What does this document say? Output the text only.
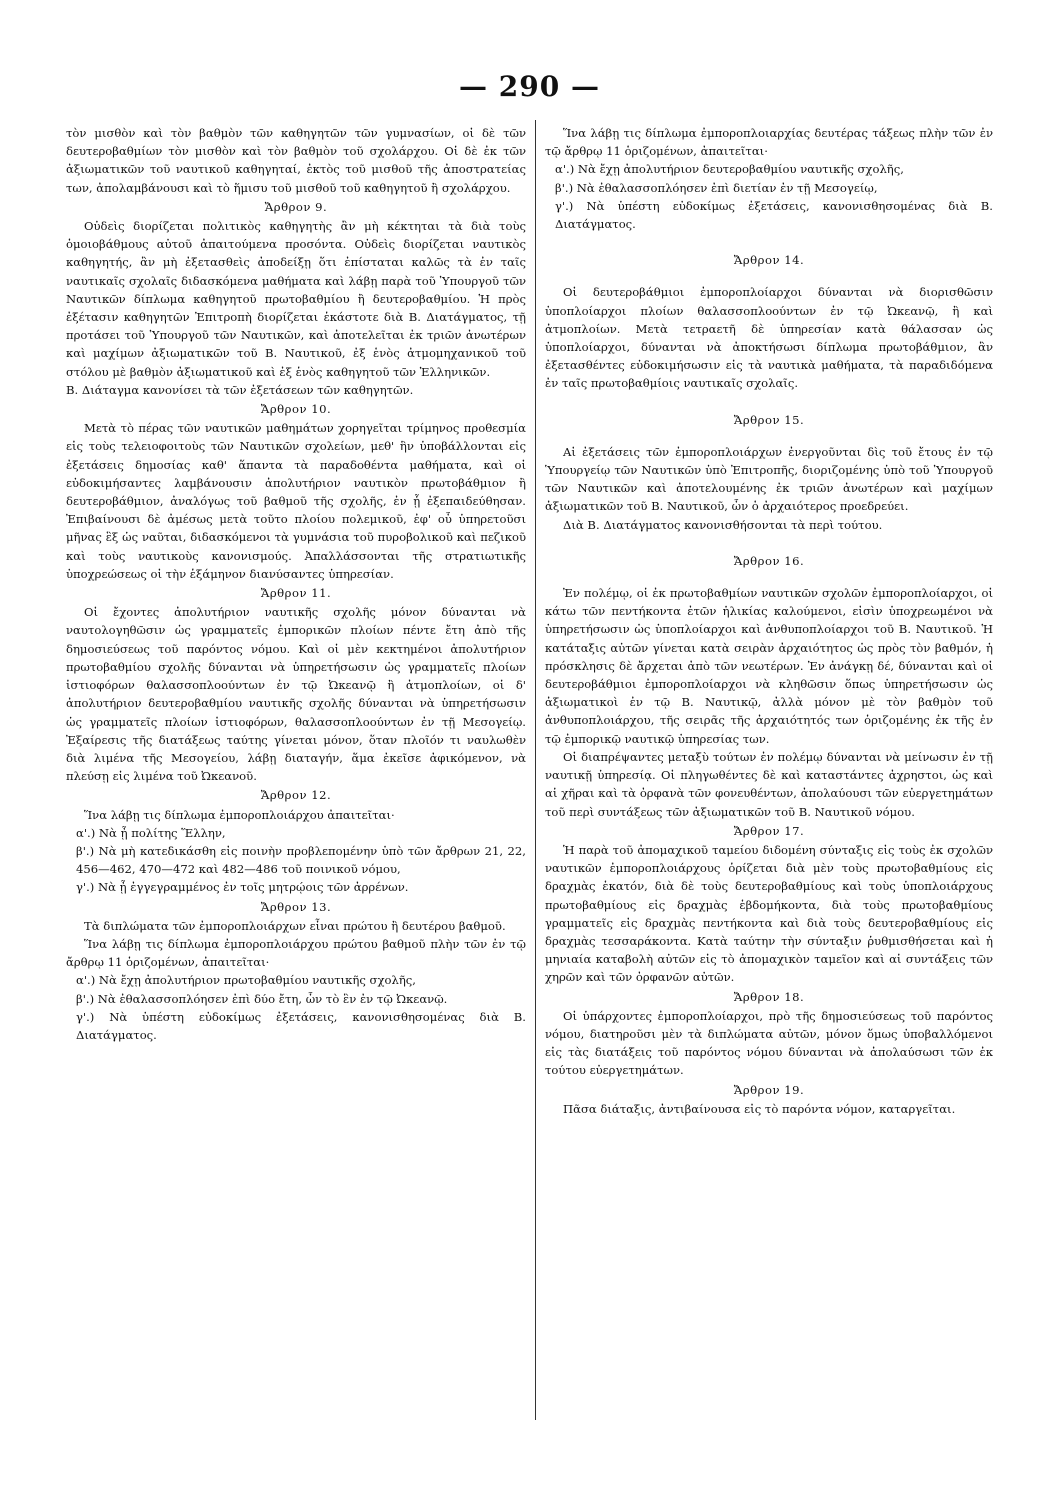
— 290 —

τὸν μισθὸν καὶ τὸν βαθμὸν τῶν καθηγητῶν τῶν γυμνασίων, οἱ δὲ τῶν δευτεροβαθμίων τὸν μισθὸν καὶ τὸν βαθμὸν τοῦ σχολάρχου. Οἱ δὲ ἐκ τῶν ἀξιωματικῶν τοῦ ναυτικοῦ καθηγηταί, ἐκτὸς τοῦ μισθοῦ τῆς ἀποστρατείας των, ἀπολαμβάνουσι καὶ τὸ ἥμισυ τοῦ μισθοῦ τοῦ καθηγητοῦ ἢ σχολάρχου.

Ἄρθρον 9.

Οὐδεὶς διορίζεται πολιτικὸς καθηγητὴς ἂν μὴ κέκτηται τὰ διὰ τοὺς ὁμοιοβάθμους αὐτοῦ ἀπαιτούμενα προσόντα. Οὐδεὶς διορίζεται ναυτικὸς καθηγητής, ἂν μὴ ἐξετασθεὶς ἀποδείξῃ ὅτι ἐπίσταται καλῶς τὰ ἐν ταῖς ναυτικαῖς σχολαῖς διδασκόμενα μαθήματα καὶ λάβῃ παρὰ τοῦ Ὑπουργοῦ τῶν Ναυτικῶν δίπλωμα καθηγητοῦ πρωτοβαθμίου ἢ δευτεροβαθμίου. Ἡ πρὸς ἐξέτασιν καθηγητῶν Ἐπιτροπὴ διορίζεται ἑκάστοτε διὰ Β. Διατάγματος, τῇ προτάσει τοῦ Ὑπουργοῦ τῶν Ναυτικῶν, καὶ ἀποτελεῖται ἐκ τριῶν ἀνωτέρων καὶ μαχίμων ἀξιωματικῶν τοῦ Β. Ναυτικοῦ, ἐξ ἑνὸς ἀτμομηχανικοῦ τοῦ στόλου μὲ βαθμὸν ἀξιωματικοῦ καὶ ἐξ ἑνὸς καθηγητοῦ τῶν Ἑλληνικῶν.

Β. Διάταγμα κανονίσει τὰ τῶν ἐξετάσεων τῶν καθηγητῶν.

Ἄρθρον 10.

Μετὰ τὸ πέρας τῶν ναυτικῶν μαθημάτων χορηγεῖται τρίμηνος προθεσμία εἰς τοὺς τελειοφοιτοὺς τῶν Ναυτικῶν σχολείων, μεθ' ἣν ὑποβάλλονται εἰς ἐξετάσεις δημοσίας καθ' ἅπαντα τὰ παραδοθέντα μαθήματα, καὶ οἱ εὐδοκιμήσαντες λαμβάνουσιν ἀπολυτήριον ναυτικὸν πρωτοβάθμιον ἢ δευτεροβάθμιον, ἀναλόγως τοῦ βαθμοῦ τῆς σχολῆς, ἐν ᾗ ἐξεπαιδεύθησαν. Ἐπιβαίνουσι δὲ ἀμέσως μετὰ τοῦτο πλοίου πολεμικοῦ, ἐφ' οὗ ὑπηρετοῦσι μῆνας ἓξ ὡς ναῦται, διδασκόμενοι τὰ γυμνάσια τοῦ πυροβολικοῦ καὶ πεζικοῦ καὶ τοὺς ναυτικοὺς κανονισμούς. Ἀπαλλάσσονται τῆς στρατιωτικῆς ὑποχρεώσεως οἱ τὴν ἑξάμηνον διανύσαντες ὑπηρεσίαν.

Ἄρθρον 11.

Οἱ ἔχοντες ἀπολυτήριον ναυτικῆς σχολῆς μόνον δύνανται νὰ ναυτολογηθῶσιν ὡς γραμματεῖς ἐμπορικῶν πλοίων πέντε ἔτη ἀπὸ τῆς δημοσιεύσεως τοῦ παρόντος νόμου. Καὶ οἱ μὲν κεκτημένοι ἀπολυτήριον πρωτοβαθμίου σχολῆς δύνανται νὰ ὑπηρετήσωσιν ὡς γραμματεῖς πλοίων ἱστιοφόρων θαλασσοπλοούντων ἐν τῷ Ὠκεανῷ ἢ ἀτμοπλοίων, οἱ δ' ἀπολυτήριον δευτεροβαθμίου ναυτικῆς σχολῆς δύνανται νὰ ὑπηρετήσωσιν ὡς γραμματεῖς πλοίων ἱστιοφόρων, θαλασσοπλοούντων ἐν τῇ Μεσογείῳ. Ἐξαίρεσις τῆς διατάξεως ταύτης γίνεται μόνον, ὅταν πλοῖόν τι ναυλωθὲν διὰ λιμένα τῆς Μεσογείου, λάβῃ διαταγήν, ἅμα ἐκεῖσε ἀφικόμενον, νὰ πλεύσῃ εἰς λιμένα τοῦ Ὠκεανοῦ.

Ἄρθρον 12.

Ἵνα λάβῃ τις δίπλωμα ἐμποροπλοιάρχου ἀπαιτεῖται·

α'.) Νὰ ᾖ πολίτης Ἕλλην,

β'.) Νὰ μὴ κατεδικάσθη εἰς ποινὴν προβλεπομένην ὑπὸ τῶν ἄρθρων 21, 22, 456—462, 470—472 καὶ 482—486 τοῦ ποινικοῦ νόμου,

γ'.) Νὰ ᾖ ἐγγεγραμμένος ἐν τοῖς μητρῴοις τῶν ἀρρένων.

Ἄρθρον 13.

Τὰ διπλώματα τῶν ἐμποροπλοιάρχων εἶναι πρώτου ἢ δευτέρου βαθμοῦ.

Ἵνα λάβῃ τις δίπλωμα ἐμποροπλοιάρχου πρώτου βαθμοῦ πλὴν τῶν ἐν τῷ ἄρθρῳ 11 ὁριζομένων, ἀπαιτεῖται·

α'.) Νὰ ἔχῃ ἀπολυτήριον πρωτοβαθμίου ναυτικῆς σχολῆς,

β'.) Νὰ ἐθαλασσοπλόησεν ἐπὶ δύο ἔτη, ὧν τὸ ἓν ἐν τῷ Ὠκεανῷ.

γ'.) Νὰ ὑπέστη εὐδοκίμως ἐξετάσεις, κανονισθησομένας διὰ Β. Διατάγματος.

Ἵνα λάβῃ τις δίπλωμα ἐμποροπλοιαρχίας δευτέρας τάξεως πλὴν τῶν ἐν τῷ ἄρθρῳ 11 ὁριζομένων, ἀπαιτεῖται·

α'.) Νὰ ἔχῃ ἀπολυτήριον δευτεροβαθμίου ναυτικῆς σχολῆς,

β'.) Νὰ ἐθαλασσοπλόησεν ἐπὶ διετίαν ἐν τῇ Μεσογείῳ,

γ'.) Νὰ ὑπέστη εὐδοκίμως ἐξετάσεις, κανονισθησομένας διὰ Β. Διατάγματος.

Ἄρθρον 14.

Οἱ δευτεροβάθμιοι ἐμποροπλοίαρχοι δύνανται νὰ διορισθῶσιν ὑποπλοίαρχοι πλοίων θαλασσοπλοούντων ἐν τῷ Ὠκεανῷ, ἢ καὶ ἀτμοπλοίων. Μετὰ τετραετῆ δὲ ὑπηρεσίαν κατὰ θάλασσαν ὡς ὑποπλοίαρχοι, δύνανται νὰ ἀποκτήσωσι δίπλωμα πρωτοβάθμιον, ἂν ἐξετασθέντες εὐδοκιμήσωσιν εἰς τὰ ναυτικὰ μαθήματα, τὰ παραδιδόμενα ἐν ταῖς πρωτοβαθμίοις ναυτικαῖς σχολαῖς.

Ἄρθρον 15.

Αἱ ἐξετάσεις τῶν ἐμποροπλοιάρχων ἐνεργοῦνται δὶς τοῦ ἔτους ἐν τῷ Ὑπουργείῳ τῶν Ναυτικῶν ὑπὸ Ἐπιτροπῆς, διοριζομένης ὑπὸ τοῦ Ὑπουργοῦ τῶν Ναυτικῶν καὶ ἀποτελουμένης ἐκ τριῶν ἀνωτέρων καὶ μαχίμων ἀξιωματικῶν τοῦ Β. Ναυτικοῦ, ὧν ὁ ἀρχαιότερος προεδρεύει.

Διὰ Β. Διατάγματος κανονισθήσονται τὰ περὶ τούτου.

Ἄρθρον 16.

Ἐν πολέμῳ, οἱ ἐκ πρωτοβαθμίων ναυτικῶν σχολῶν ἐμποροπλοίαρχοι, οἱ κάτω τῶν πεντήκοντα ἐτῶν ἡλικίας καλούμενοι, εἰσὶν ὑποχρεωμένοι νὰ ὑπηρετήσωσιν ὡς ὑποπλοίαρχοι καὶ ἀνθυποπλοίαρχοι τοῦ Β. Ναυτικοῦ. Ἡ κατάταξις αὐτῶν γίνεται κατὰ σειρὰν ἀρχαιότητος ὡς πρὸς τὸν βαθμόν, ἡ πρόσκλησις δὲ ἄρχεται ἀπὸ τῶν νεωτέρων. Ἐν ἀνάγκῃ δέ, δύνανται καὶ οἱ δευτεροβάθμιοι ἐμποροπλοίαρχοι νὰ κληθῶσιν ὅπως ὑπηρετήσωσιν ὡς ἀξιωματικοὶ ἐν τῷ Β. Ναυτικῷ, ἀλλὰ μόνον μὲ τὸν βαθμὸν τοῦ ἀνθυποπλοιάρχου, τῆς σειρᾶς τῆς ἀρχαιότητός των ὁριζομένης ἐκ τῆς ἐν τῷ ἐμπορικῷ ναυτικῷ ὑπηρεσίας των.

Οἱ διαπρέψαντες μεταξὺ τούτων ἐν πολέμῳ δύνανται νὰ μείνωσιν ἐν τῇ ναυτικῇ ὑπηρεσίᾳ. Οἱ πληγωθέντες δὲ καὶ καταστάντες ἀχρηστοι, ὡς καὶ αἱ χῆραι καὶ τὰ ὀρφανὰ τῶν φονευθέντων, ἀπολαύουσι τῶν εὐεργετημάτων τοῦ περὶ συντάξεως τῶν ἀξιωματικῶν τοῦ Β. Ναυτικοῦ νόμου.

Ἄρθρον 17.

Ἡ παρὰ τοῦ ἀπομαχικοῦ ταμείου διδομένη σύνταξις εἰς τοὺς ἐκ σχολῶν ναυτικῶν ἐμποροπλοιάρχους ὁρίζεται διὰ μὲν τοὺς πρωτοβαθμίους εἰς δραχμὰς ἑκατόν, διὰ δὲ τοὺς δευτεροβαθμίους καὶ τοὺς ὑποπλοιάρχους πρωτοβαθμίους εἰς δραχμὰς ἑβδομήκοντα, διὰ τοὺς πρωτοβαθμίους γραμματεῖς εἰς δραχμὰς πεντήκοντα καὶ διὰ τοὺς δευτεροβαθμίους εἰς δραχμὰς τεσσαράκοντα. Κατὰ ταύτην τὴν σύνταξιν ῥυθμισθήσεται καὶ ἡ μηνιαία καταβολὴ αὐτῶν εἰς τὸ ἀπομαχικὸν ταμεῖον καὶ αἱ συντάξεις τῶν χηρῶν καὶ τῶν ὀρφανῶν αὐτῶν.

Ἄρθρον 18.

Οἱ ὑπάρχοντες ἐμποροπλοίαρχοι, πρὸ τῆς δημοσιεύσεως τοῦ παρόντος νόμου, διατηροῦσι μὲν τὰ διπλώματα αὐτῶν, μόνον ὅμως ὑποβαλλόμενοι εἰς τὰς διατάξεις τοῦ παρόντος νόμου δύνανται νὰ ἀπολαύσωσι τῶν ἐκ τούτου εὐεργετημάτων.

Ἄρθρον 19.

Πᾶσα διάταξις, ἀντιβαίνουσα εἰς τὸ παρόντα νόμον, καταργεῖται.
